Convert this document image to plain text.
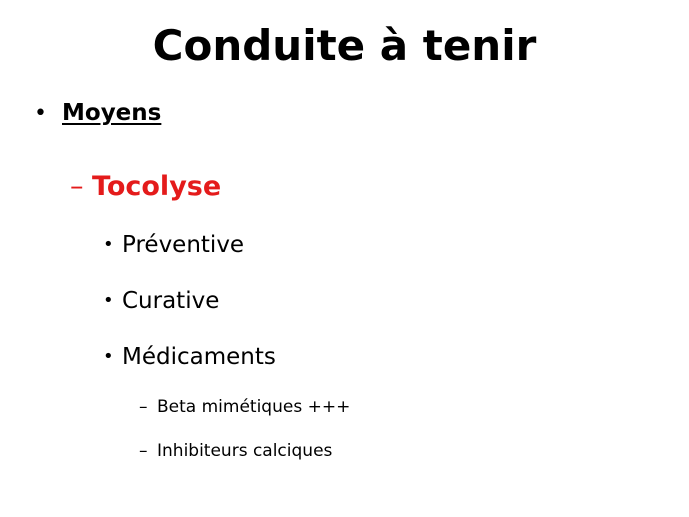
Conduite à tenir
• Moyens
– Tocolyse
• Préventive
• Curative
• Médicaments
– Beta mimétiques +++
– Inhibiteurs calciques
